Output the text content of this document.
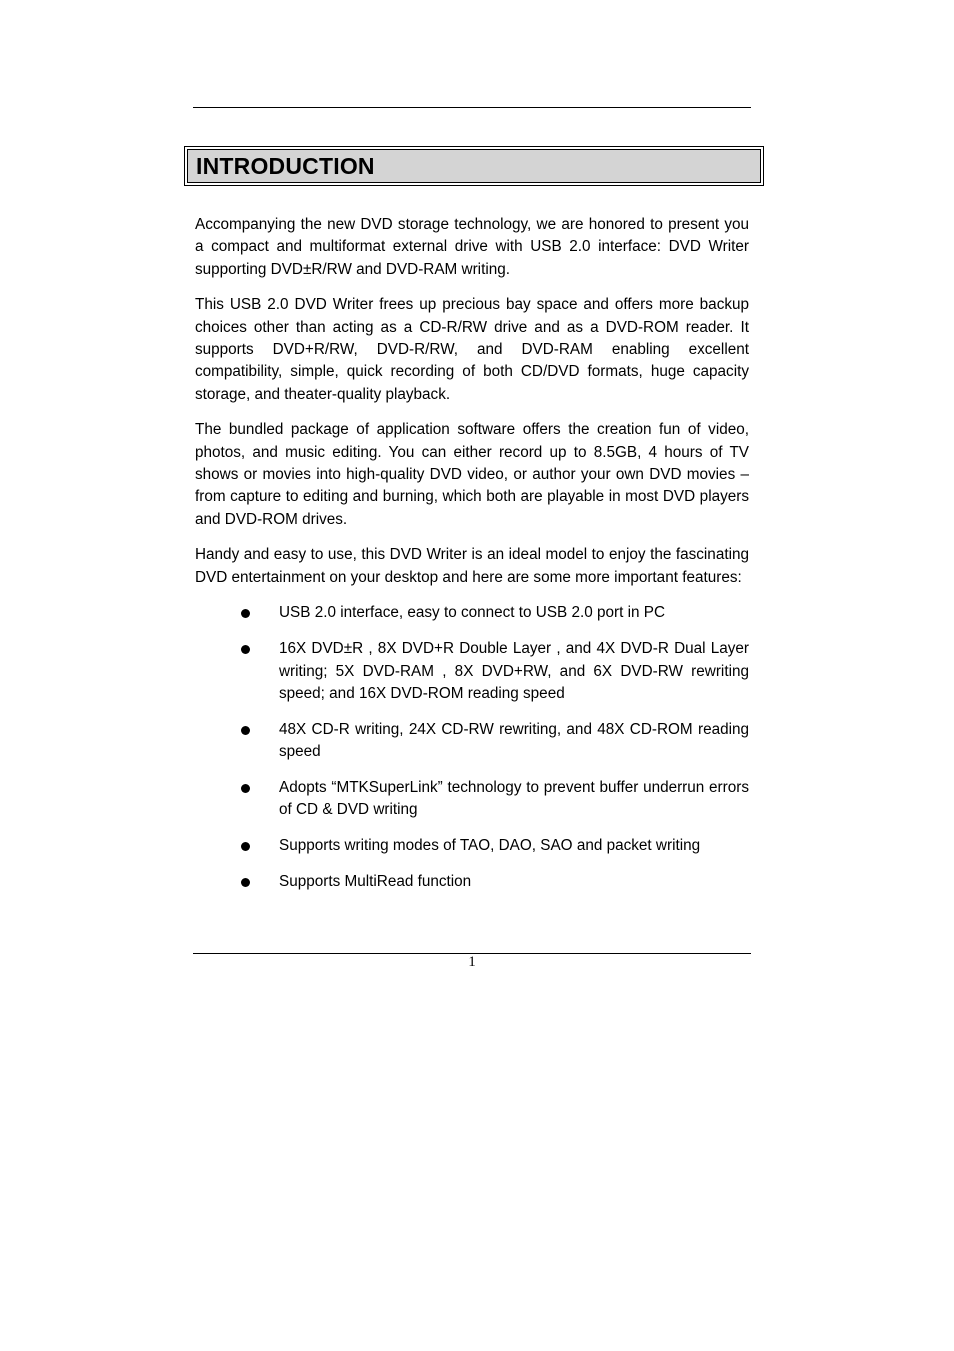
INTRODUCTION

Accompanying the new DVD storage technology, we are honored to present you a compact and multiformat external drive with USB 2.0 interface: DVD Writer supporting DVD±R/RW and DVD-RAM writing.

This USB 2.0 DVD Writer frees up precious bay space and offers more backup choices other than acting as a CD-R/RW drive and as a DVD-ROM reader. It supports DVD+R/RW, DVD-R/RW, and DVD-RAM enabling excellent compatibility, simple, quick recording of both CD/DVD formats, huge capacity storage, and theater-quality playback.

The bundled package of application software offers the creation fun of video, photos, and music editing. You can either record up to 8.5GB, 4 hours of TV shows or movies into high-quality DVD video, or author your own DVD movies – from capture to editing and burning, which both are playable in most DVD players and DVD-ROM drives.

Handy and easy to use, this DVD Writer is an ideal model to enjoy the fascinating DVD entertainment on your desktop and here are some more important features:

USB 2.0 interface, easy to connect to USB 2.0 port in PC
16X DVD±R , 8X DVD+R Double Layer , and 4X DVD-R Dual Layer writing; 5X DVD-RAM , 8X DVD+RW, and 6X DVD-RW rewriting speed; and 16X DVD-ROM reading speed
48X CD-R writing, 24X CD-RW rewriting, and 48X CD-ROM reading speed
Adopts “MTKSuperLink” technology to prevent buffer underrun errors of CD & DVD writing
Supports writing modes of TAO, DAO, SAO and packet writing
Supports MultiRead function
1
